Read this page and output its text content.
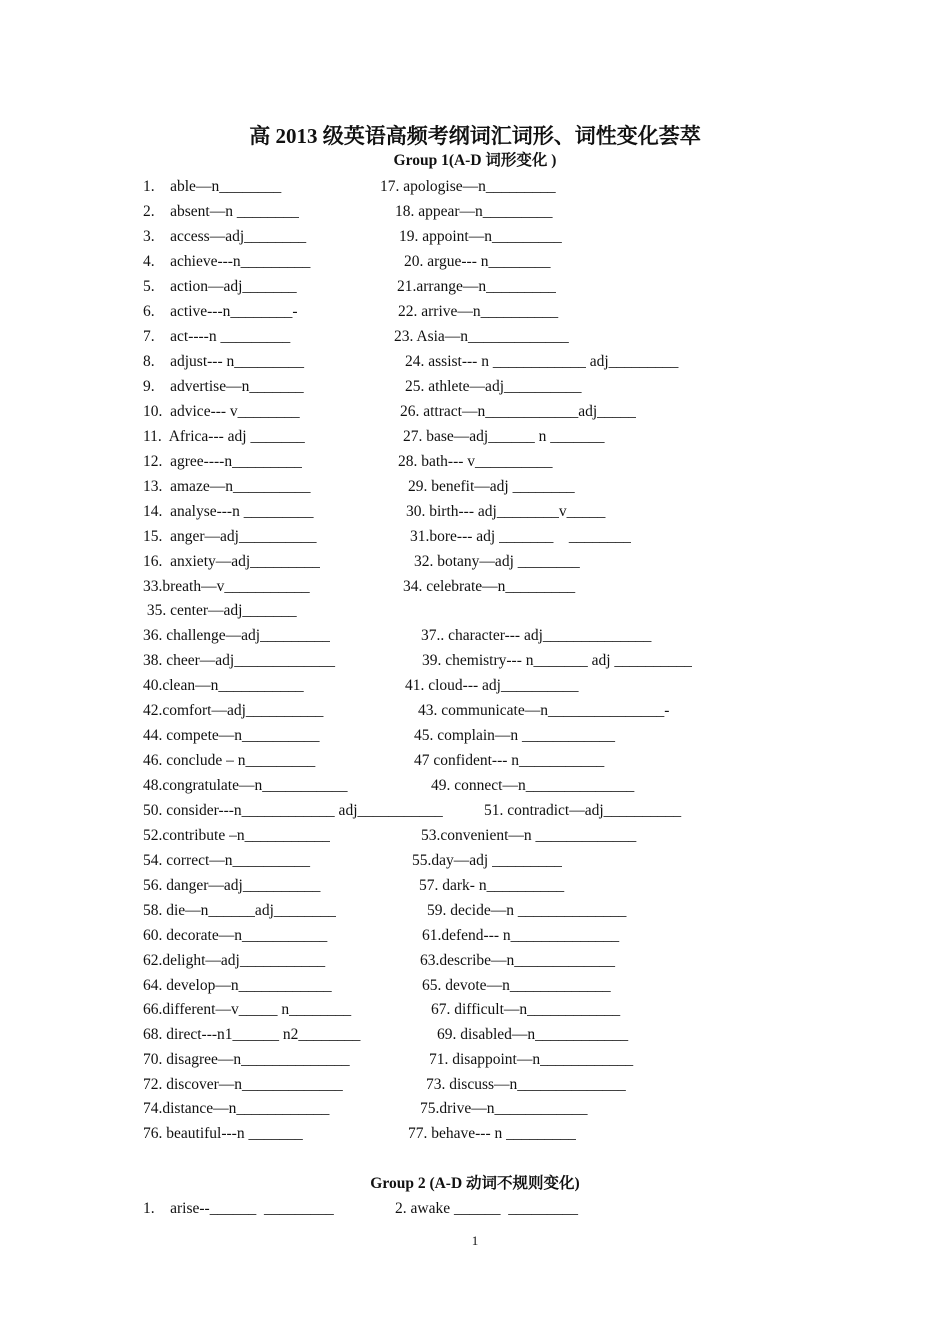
高 2013 级英语高频考纲词汇词形、词性变化荟萃
Group 1(A-D 词形变化 )
1.    able—n________
2.    absent—n ________
3.    access—adj________
4.    achieve---n_________
5.    action—adj_______
6.    active---n________-
7.    act----n _________
8.    adjust--- n_________
9.    advertise—n_______
10.  advice--- v________
11.  Africa--- adj _______
12.  agree----n_________
13.  amaze—n__________
14.  analyse---n _________
15.  anger—adj__________
16.  anxiety—adj_________
33.breath—v___________
35. center—adj_______
36. challenge—adj_________
38. cheer—adj_____________
40.clean—n___________
42.comfort—adj__________
44. compete—n__________
46. conclude – n_________
48.congratulate—n___________
50. consider---n____________ adj___________
52.contribute –n___________
54. correct—n__________
56. danger—adj__________
58. die—n______adj________
60. decorate—n___________
62.delight—adj___________
64. develop—n____________
66.different—v_____ n________
68. direct---n1______ n2________
70. disagree—n______________
72. discover—n_____________
74.distance—n____________
76. beautiful---n _______
17. apologise—n_________
18. appear—n_________
19. appoint—n_________
20. argue--- n________
21.arrange—n_________
22. arrive—n__________
23. Asia—n_____________
24. assist--- n ____________ adj_________
25. athlete—adj__________
26. attract—n____________adj_____
27. base—adj______ n _______
28. bath--- v__________
29. benefit—adj ________
30. birth--- adj________v_____
31.bore--- adj _______    ________
32. botany—adj ________
34. celebrate—n_________
37.. character--- adj______________
39. chemistry--- n_______ adj __________
41. cloud--- adj__________
43. communicate—n_______________-
45. complain—n ____________
47 confident--- n___________
49. connect—n______________
51. contradict—adj__________
53.convenient—n _____________
55.day—adj _________
57. dark- n__________
59. decide—n ______________
61.defend--- n______________
63.describe—n_____________
65. devote—n_____________
67. difficult—n____________
69. disabled—n____________
71. disappoint—n____________
73. discuss—n______________
75.drive—n____________
77. behave--- n _________
Group 2 (A-D 动词不规则变化)
1.    arise--______  _________	2. awake ______  _________
1
